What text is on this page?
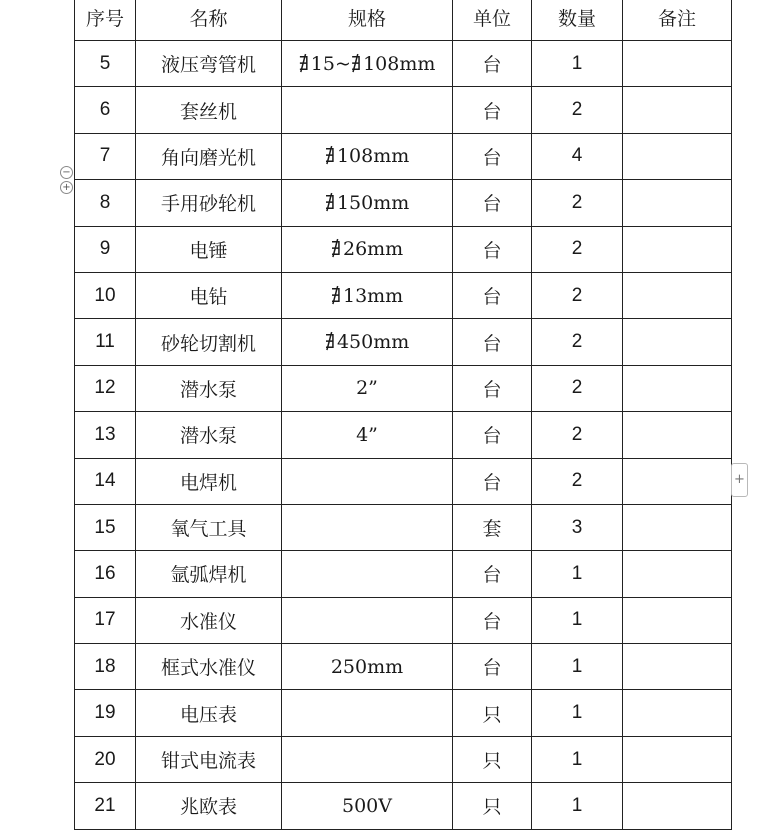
序号	名称	规格	单位	数量	备注
5	液压弯管机	∄ 15~∄ 108mm	台	1	
6	套丝机		台	2	
7	角向磨光机	∄ 108mm	台	4	
8	手用砂轮机	∄ 150mm	台	2	
9	电锤	∄ 26mm	台	2	
10	电钻	∄ 13mm	台	2	
11	砂轮切割机	∄ 450mm	台	2	
12	潜水泵	2”	台	2	
13	潜水泵	4”	台	2	
14	电焊机		台	2	
15	氧气工具		套	3	
16	氩弧焊机		台	1	
17	水准仪		台	1	
18	框式水准仪	250mm	台	1	
19	电压表		只	1	
20	钳式电流表		只	1	
21	兆欧表	500V	只	1	
−
+
+
